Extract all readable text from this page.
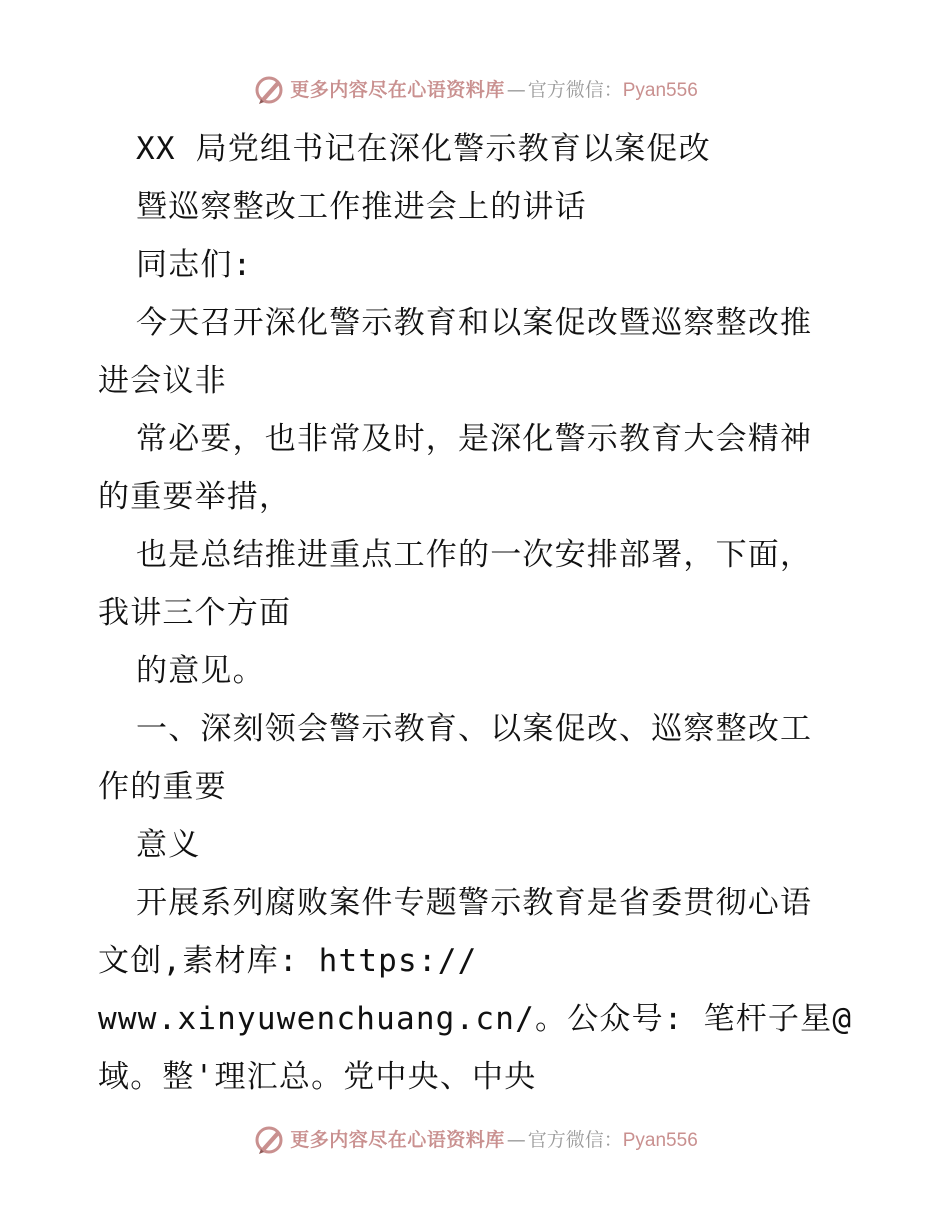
更多内容尽在心语资料库 — 官方微信： Pyan556
XX 局党组书记在深化警示教育以案促改
暨巡察整改工作推进会上的讲话
同志们:
今天召开深化警示教育和以案促改暨巡察整改推
进会议非
常必要，也非常及时，是深化警示教育大会精神
的重要举措，
也是总结推进重点工作的一次安排部署，下面，
我讲三个方面
的意见。
一、深刻领会警示教育、以案促改、巡察整改工
作的重要
意义
开展系列腐败案件专题警示教育是省委贯彻心语
文创,素材库: https://
www.xinyuwenchuang.cn/。公众号: 笔杆子星@
域。整'理汇总。党中央、中央
更多内容尽在心语资料库 — 官方微信： Pyan556
